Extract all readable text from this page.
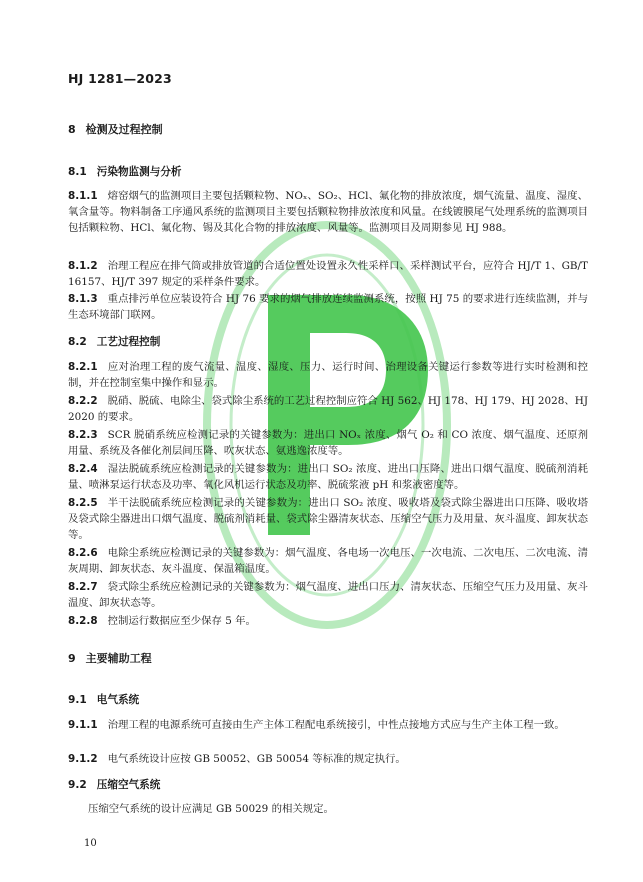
HJ 1281—2023
8 检测及过程控制
8.1 污染物监测与分析
8.1.1 熔窑烟气的监测项目主要包括颗粒物、NOₓ、SO₂、HCl、氟化物的排放浓度，烟气流量、温度、湿度、氧含量等。物料制备工序通风系统的监测项目主要包括颗粒物排放浓度和风量。在线镀膜尾气处理系统的监测项目包括颗粒物、HCl、氟化物、锡及其化合物的排放浓度、风量等。监测项目及周期参见 HJ 988。
8.1.2 治理工程应在排气筒或排放管道的合适位置处设置永久性采样口、采样测试平台，应符合 HJ/T 1、GB/T 16157、HJ/T 397 规定的采样条件要求。
8.1.3 重点排污单位应装设符合 HJ 76 要求的烟气排放连续监测系统，按照 HJ 75 的要求进行连续监测，并与生态环境部门联网。
8.2 工艺过程控制
8.2.1 应对治理工程的废气流量、温度、湿度、压力、运行时间、治理设备关键运行参数等进行实时检测和控制，并在控制室集中操作和显示。
8.2.2 脱硝、脱硫、电除尘、袋式除尘系统的工艺过程控制应符合 HJ 562、HJ 178、HJ 179、HJ 2028、HJ 2020 的要求。
8.2.3 SCR 脱硝系统应检测记录的关键参数为：进出口 NOₓ 浓度、烟气 O₂ 和 CO 浓度、烟气温度、还原剂用量、系统及各催化剂层间压降、吹灰状态、氨逃逸浓度等。
8.2.4 湿法脱硫系统应检测记录的关键参数为：进出口 SO₂ 浓度、进出口压降、进出口烟气温度、脱硫剂消耗量、喷淋泵运行状态及功率、氧化风机运行状态及功率、脱硫浆液 pH 和浆液密度等。
8.2.5 半干法脱硫系统应检测记录的关键参数为：进出口 SO₂ 浓度、吸收塔及袋式除尘器进出口压降、吸收塔及袋式除尘器进出口烟气温度、脱硫剂消耗量、袋式除尘器清灰状态、压缩空气压力及用量、灰斗温度、卸灰状态等。
8.2.6 电除尘系统应检测记录的关键参数为：烟气温度、各电场一次电压、一次电流、二次电压、二次电流、清灰周期、卸灰状态、灰斗温度、保温箱温度。
8.2.7 袋式除尘系统应检测记录的关键参数为：烟气温度、进出口压力、清灰状态、压缩空气压力及用量、灰斗温度、卸灰状态等。
8.2.8 控制运行数据应至少保存 5 年。
9 主要辅助工程
9.1 电气系统
9.1.1 治理工程的电源系统可直接由生产主体工程配电系统接引，中性点接地方式应与生产主体工程一致。
9.1.2 电气系统设计应按 GB 50052、GB 50054 等标准的规定执行。
9.2 压缩空气系统
压缩空气系统的设计应满足 GB 50029 的相关规定。
10
